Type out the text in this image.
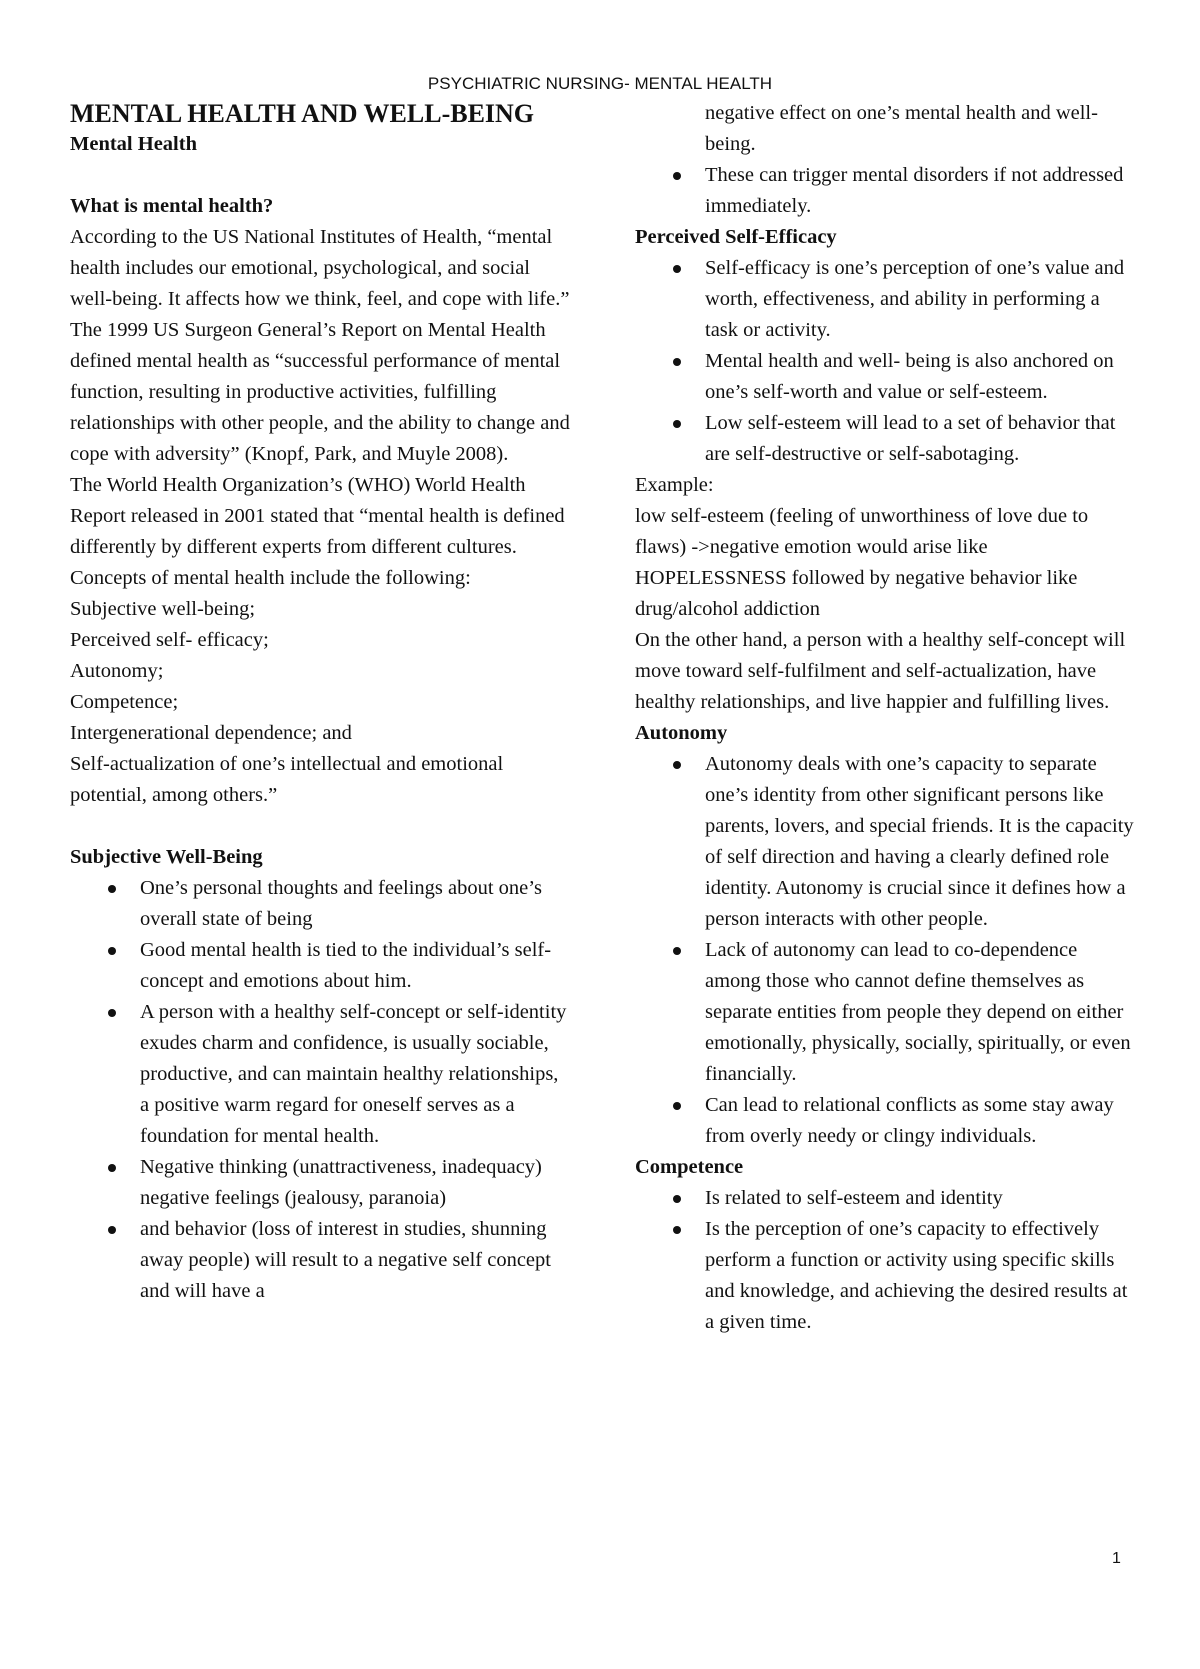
PSYCHIATRIC NURSING- MENTAL HEALTH

MENTAL HEALTH AND WELL-BEING

Mental Health

What is mental health?

According to the US National Institutes of Health, “mental health includes our emotional, psychological, and social well-being. It affects how we think, feel, and cope with life.” The 1999 US Surgeon General’s Report on Mental Health defined mental health as “successful performance of mental function, resulting in productive activities, fulfilling relationships with other people, and the ability to change and cope with adversity” (Knopf, Park, and Muyle 2008).

The World Health Organization’s (WHO) World Health Report released in 2001 stated that “mental health is defined differently by different experts from different cultures. Concepts of mental health include the following:

Subjective well-being;

Perceived self- efficacy;

Autonomy;

Competence;

Intergenerational dependence; and

Self-actualization of one’s intellectual and emotional potential, among others.”

Subjective Well-Being

One’s personal thoughts and feelings about one’s overall state of being
Good mental health is tied to the individual’s self-concept and emotions about him.
A person with a healthy self-concept or self-identity exudes charm and confidence, is usually sociable, productive, and can maintain healthy relationships, a positive warm regard for oneself serves as a foundation for mental health.
Negative thinking (unattractiveness, inadequacy) negative feelings (jealousy, paranoia)
and behavior (loss of interest in studies, shunning away people) will result to a negative self concept and will have a

negative effect on one’s mental health and well-being.

These can trigger mental disorders if not addressed immediately.

Perceived Self-Efficacy

Self-efficacy is one’s perception of one’s value and worth, effectiveness, and ability in performing a task or activity.
Mental health and well- being is also anchored on one’s self-worth and value or self-esteem.
Low self-esteem will lead to a set of behavior that are self-destructive or self-sabotaging.

Example:

low self-esteem (feeling of unworthiness of love due to flaws) ->negative emotion would arise like HOPELESSNESS followed by negative behavior like drug/alcohol addiction

On the other hand, a person with a healthy self-concept will move toward self-fulfilment and self-actualization, have healthy relationships, and live happier and fulfilling lives.

Autonomy

Autonomy deals with one’s capacity to separate one’s identity from other significant persons like parents, lovers, and special friends. It is the capacity of self direction and having a clearly defined role identity. Autonomy is crucial since it defines how a person interacts with other people.
Lack of autonomy can lead to co-dependence among those who cannot define themselves as separate entities from people they depend on either emotionally, physically, socially, spiritually, or even financially.
Can lead to relational conflicts as some stay away from overly needy or clingy individuals.

Competence

Is related to self-esteem and identity
Is the perception of one’s capacity to effectively perform a function or activity using specific skills and knowledge, and achieving the desired results at a given time.
1
